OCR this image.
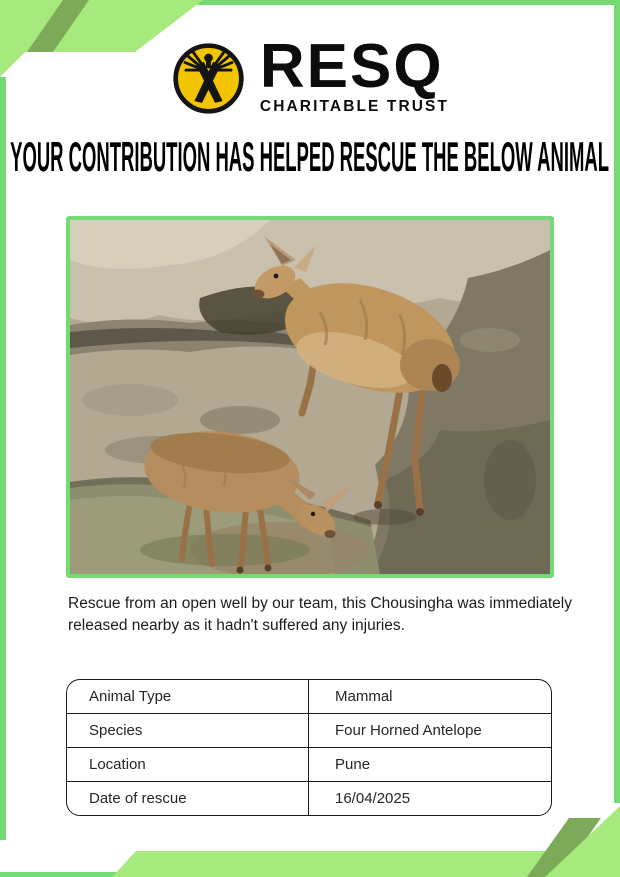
RESQ
CHARITABLE TRUST
YOUR CONTRIBUTION HAS HELPED RESCUE THE BELOW ANIMAL
Rescue from an open well by our team, this Chousingha was immediately
released nearby as it hadn't suffered any injuries.
Animal Type	Mammal
Species	Four Horned Antelope
Location	Pune
Date of rescue	16/04/2025
